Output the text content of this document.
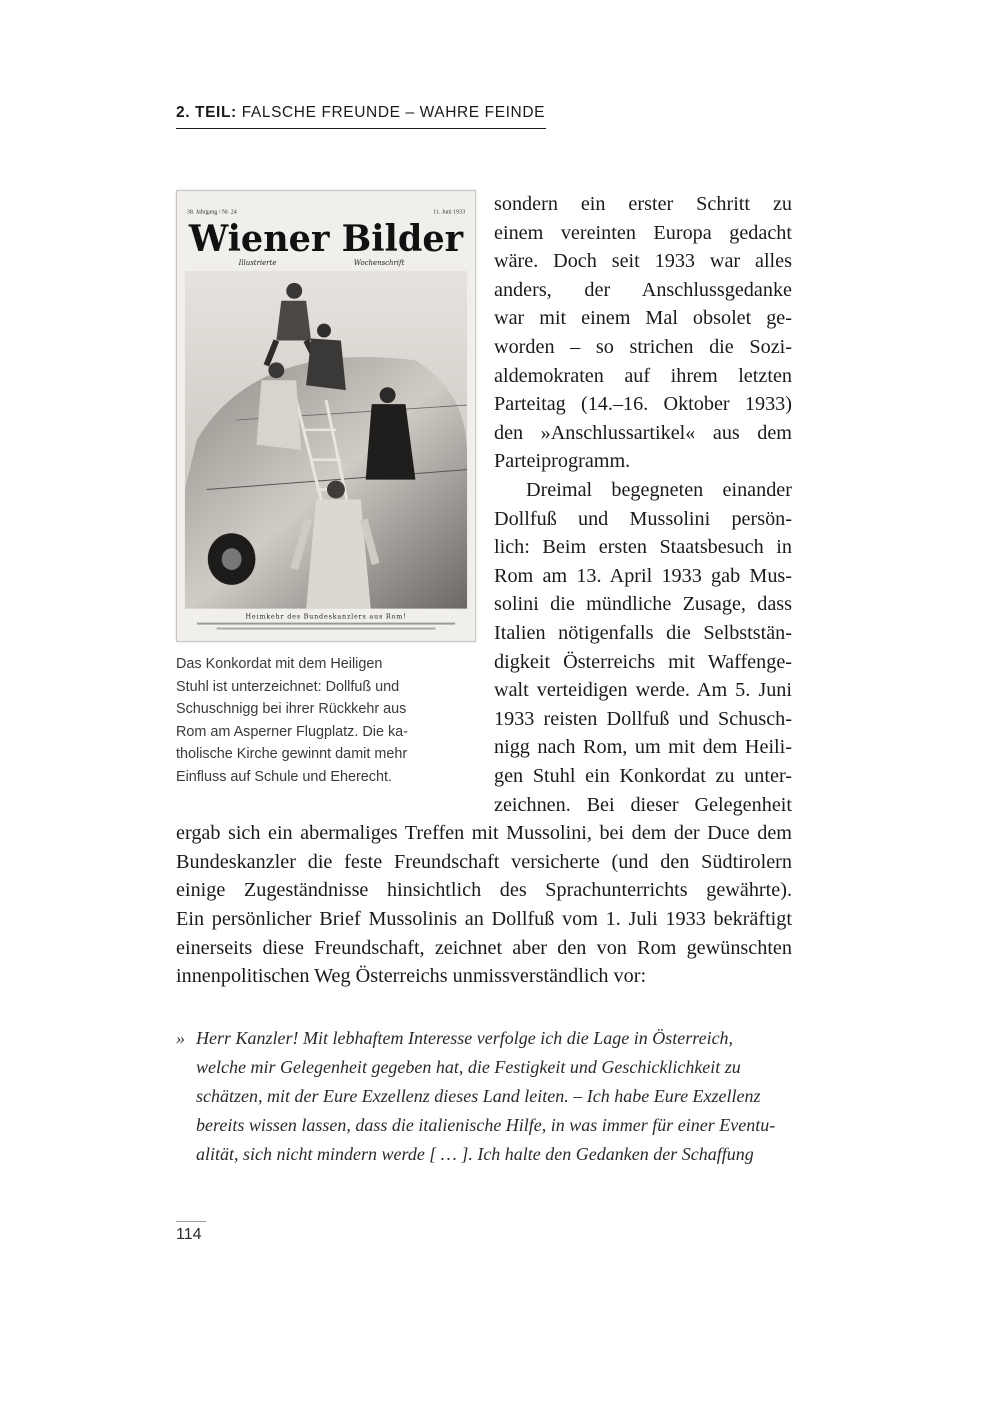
2. TEIL: FALSCHE FREUNDE – WAHRE FEINDE
38. Jahrgang / Nr. 24	11. Juni 1933
Wiener Bilder
Illustrierte	Wochenschrift
Heimkehr des Bundeskanzlers aus Rom!
Das Konkordat mit dem Heiligen
Stuhl ist unterzeichnet: Dollfuß und
Schuschnigg bei ihrer Rückkehr aus
Rom am Asperner Flugplatz. Die ka-
tholische Kirche gewinnt damit mehr
Einfluss auf Schule und Eherecht.
sondern ein erster Schritt zu
einem vereinten Europa gedacht
wäre. Doch seit 1933 war alles
anders, der Anschlussgedanke
war mit einem Mal obsolet ge-
worden – so strichen die Sozi-
aldemokraten auf ihrem letzten
Parteitag (14.–16. Oktober 1933)
den »Anschlussartikel« aus dem
Parteiprogramm.
Dreimal begegneten einander
Dollfuß und Mussolini persön-
lich: Beim ersten Staatsbesuch in
Rom am 13. April 1933 gab Mus-
solini die mündliche Zusage, dass
Italien nötigenfalls die Selbststän-
digkeit Österreichs mit Waffenge-
walt verteidigen werde. Am 5. Juni
1933 reisten Dollfuß und Schusch-
nigg nach Rom, um mit dem Heili-
gen Stuhl ein Konkordat zu unter-
zeichnen. Bei dieser Gelegenheit
ergab sich ein abermaliges Treffen mit Mussolini, bei dem der Duce dem
Bundeskanzler die feste Freundschaft versicherte (und den Südtirolern
einige Zugeständnisse hinsichtlich des Sprachunterrichts gewährte).
Ein persönlicher Brief Mussolinis an Dollfuß vom 1. Juli 1933 bekräftigt
einerseits diese Freundschaft, zeichnet aber den von Rom gewünschten
innenpolitischen Weg Österreichs unmissverständlich vor:
» Herr Kanzler! Mit lebhaftem Interesse verfolge ich die Lage in Österreich,
welche mir Gelegenheit gegeben hat, die Festigkeit und Geschicklichkeit zu
schätzen, mit der Eure Exzellenz dieses Land leiten. – Ich habe Eure Exzellenz
bereits wissen lassen, dass die italienische Hilfe, in was immer für einer Eventu-
alität, sich nicht mindern werde [ … ]. Ich halte den Gedanken der Schaffung
114
